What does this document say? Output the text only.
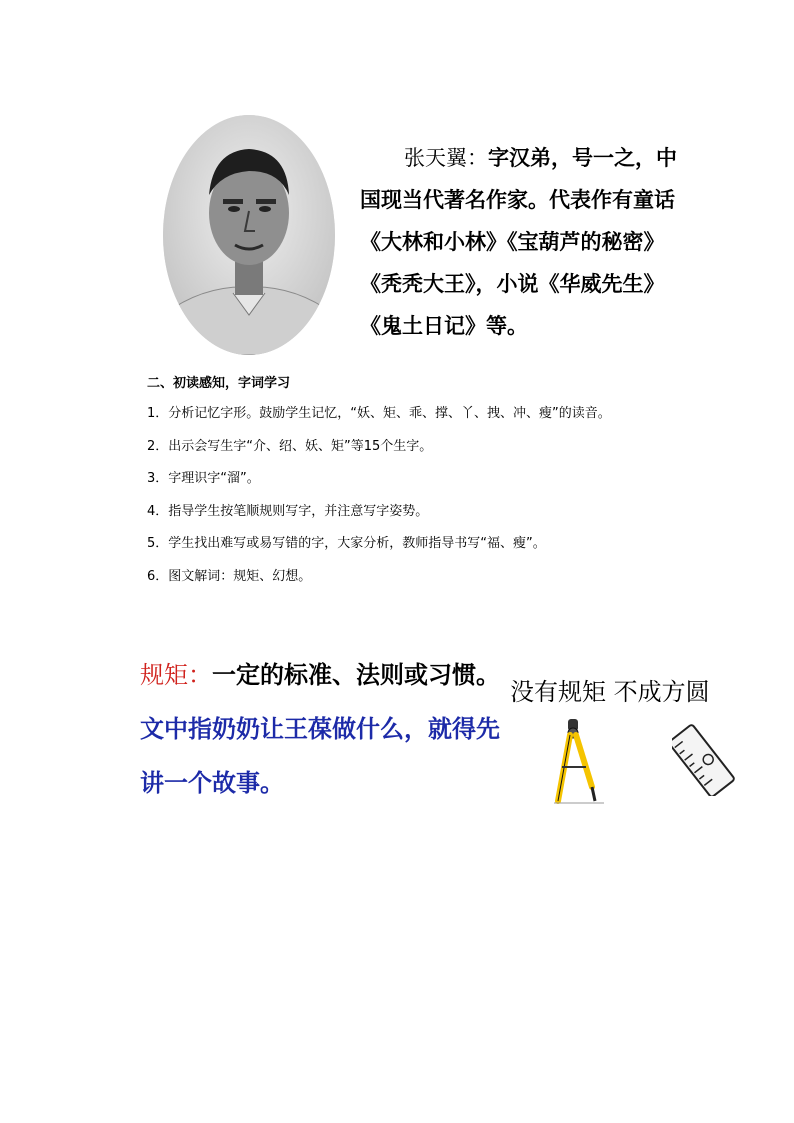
张天翼：字汉弟，号一之，中国现当代著名作家。代表作有童话《大林和小林》《宝葫芦的秘密》《秃秃大王》，小说《华威先生》《鬼土日记》等。
二、初读感知，字词学习
1．分析记忆字形。鼓励学生记忆，“妖、矩、乖、撑、丫、拽、冲、瘦”的读音。
2．出示会写生字“介、绍、妖、矩”等15个生字。
3．字理识字“溜”。
4．指导学生按笔顺规则写字，并注意写字姿势。
5．学生找出难写或易写错的字，大家分析，教师指导书写“福、瘦”。
6．图文解词：规矩、幻想。
规矩：一定的标准、法则或习惯。文中指奶奶让王葆做什么，就得先讲一个故事。
没有规矩 不成方圆
